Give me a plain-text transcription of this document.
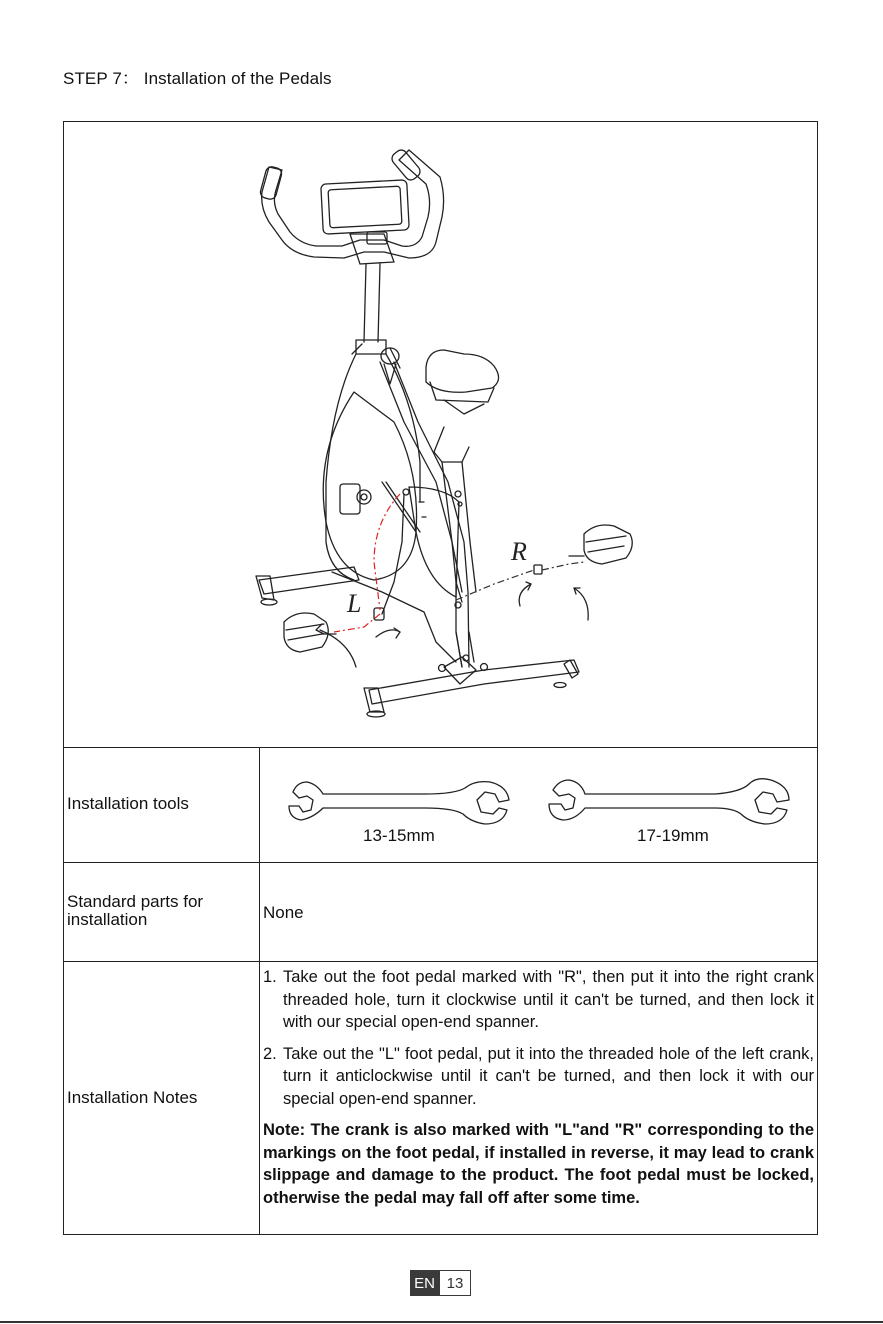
STEP 7： Installation of the Pedals
L
R
Installation tools
13-15mm	17-19mm
Standard parts for
installation	None
Installation Notes
1. Take out the foot pedal marked with "R", then put it into the right crank threaded hole, turn it clockwise until it can't be turned, and then lock it with our special open-end spanner.
2. Take out the "L" foot pedal, put it into the threaded hole of the left crank, turn it anticlockwise until it can't be turned, and then lock it with our special open-end spanner.
Note: The crank is also marked with "L"and "R" corresponding to the markings on the foot pedal, if installed in reverse, it may lead to crank slippage and damage to the product. The foot pedal must be locked, otherwise the pedal may fall off after some time.
EN 13
